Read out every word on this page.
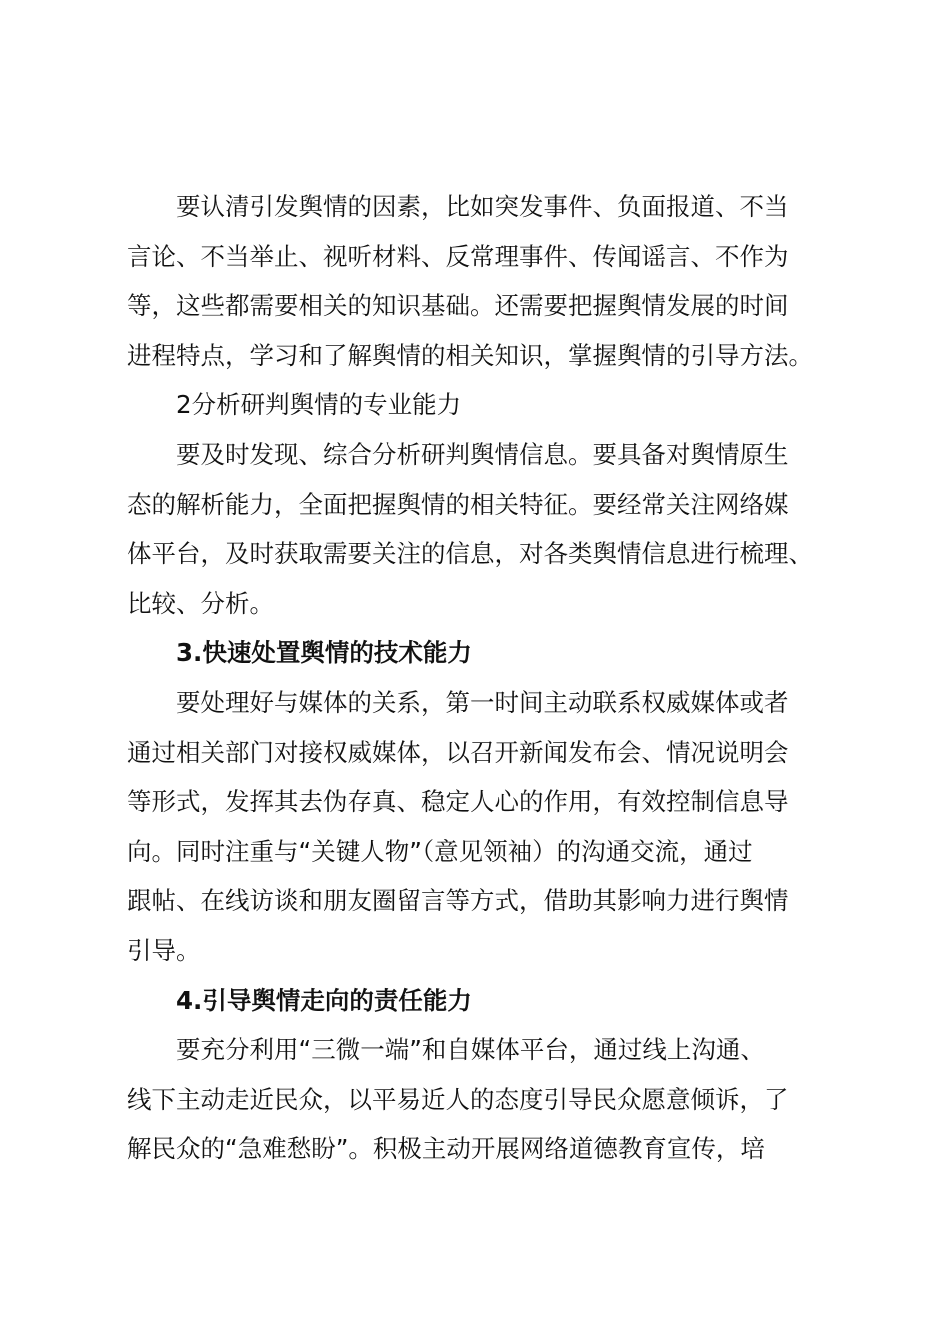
要认清引发舆情的因素，比如突发事件、负面报道、不当
言论、不当举止、视听材料、反常理事件、传闻谣言、不作为
等，这些都需要相关的知识基础。还需要把握舆情发展的时间
进程特点，学习和了解舆情的相关知识，掌握舆情的引导方法。
2分析研判舆情的专业能力
要及时发现、综合分析研判舆情信息。要具备对舆情原生
态的解析能力，全面把握舆情的相关特征。要经常关注网络媒
体平台，及时获取需要关注的信息，对各类舆情信息进行梳理、
比较、分析。
3.快速处置舆情的技术能力
要处理好与媒体的关系，第一时间主动联系权威媒体或者
通过相关部门对接权威媒体，以召开新闻发布会、情况说明会
等形式，发挥其去伪存真、稳定人心的作用，有效控制信息导
向。同时注重与“关键人物”（意见领袖）的沟通交流，通过
跟帖、在线访谈和朋友圈留言等方式，借助其影响力进行舆情
引导。
4.引导舆情走向的责任能力
要充分利用“三微一端”和自媒体平台，通过线上沟通、
线下主动走近民众，以平易近人的态度引导民众愿意倾诉，了
解民众的“急难愁盼”。积极主动开展网络道德教育宣传，培
